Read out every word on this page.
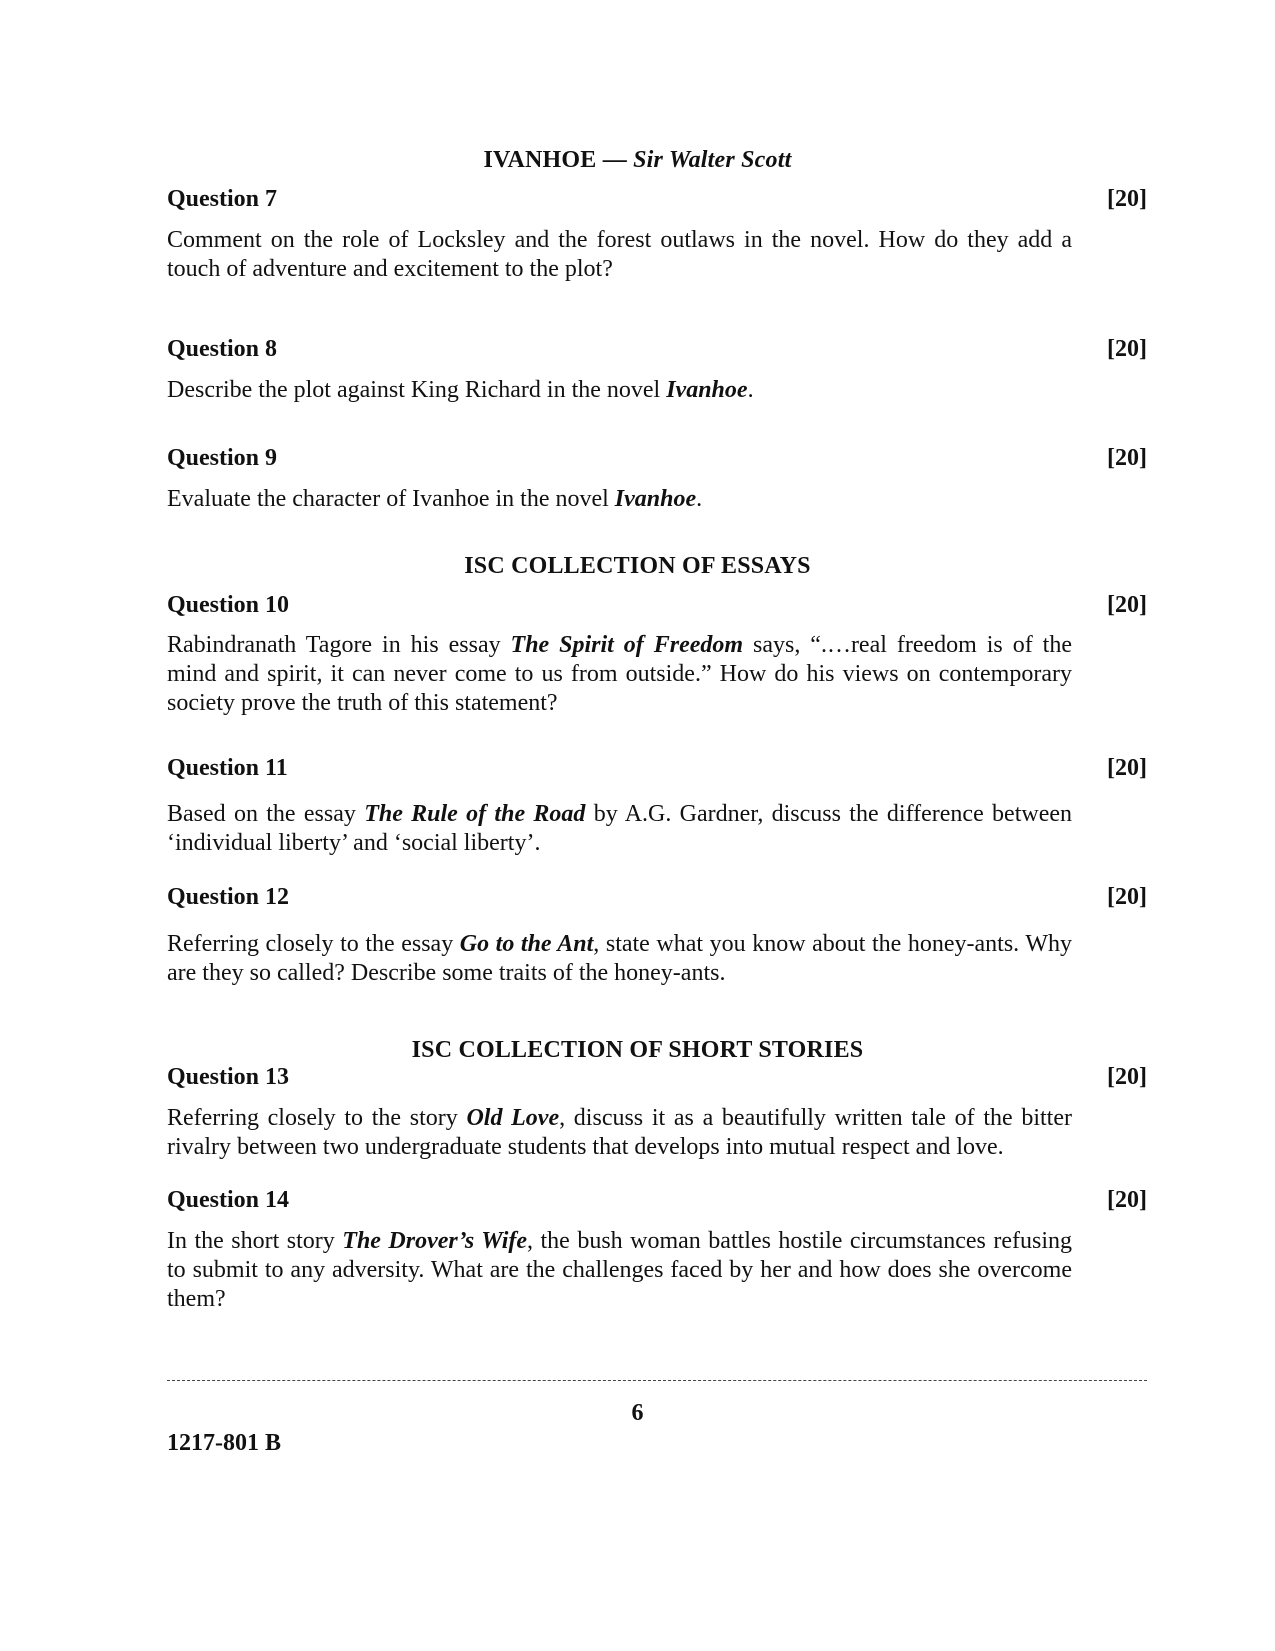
IVANHOE — Sir Walter Scott
Question 7	[20]
Comment on the role of Locksley and the forest outlaws in the novel. How do they add a touch of adventure and excitement to the plot?
Question 8	[20]
Describe the plot against King Richard in the novel Ivanhoe.
Question 9	[20]
Evaluate the character of Ivanhoe in the novel Ivanhoe.
ISC COLLECTION OF ESSAYS
Question 10	[20]
Rabindranath Tagore in his essay The Spirit of Freedom says, “.…real freedom is of the mind and spirit, it can never come to us from outside.” How do his views on contemporary society prove the truth of this statement?
Question 11	[20]
Based on the essay The Rule of the Road by A.G. Gardner, discuss the difference between ‘individual liberty’ and ‘social liberty’.
Question 12	[20]
Referring closely to the essay Go to the Ant, state what you know about the honey-ants. Why are they so called? Describe some traits of the honey-ants.
ISC COLLECTION OF SHORT STORIES
Question 13	[20]
Referring closely to the story Old Love, discuss it as a beautifully written tale of the bitter rivalry between two undergraduate students that develops into mutual respect and love.
Question 14	[20]
In the short story The Drover’s Wife, the bush woman battles hostile circumstances refusing to submit to any adversity. What are the challenges faced by her and how does she overcome them?
6
1217-801 B
